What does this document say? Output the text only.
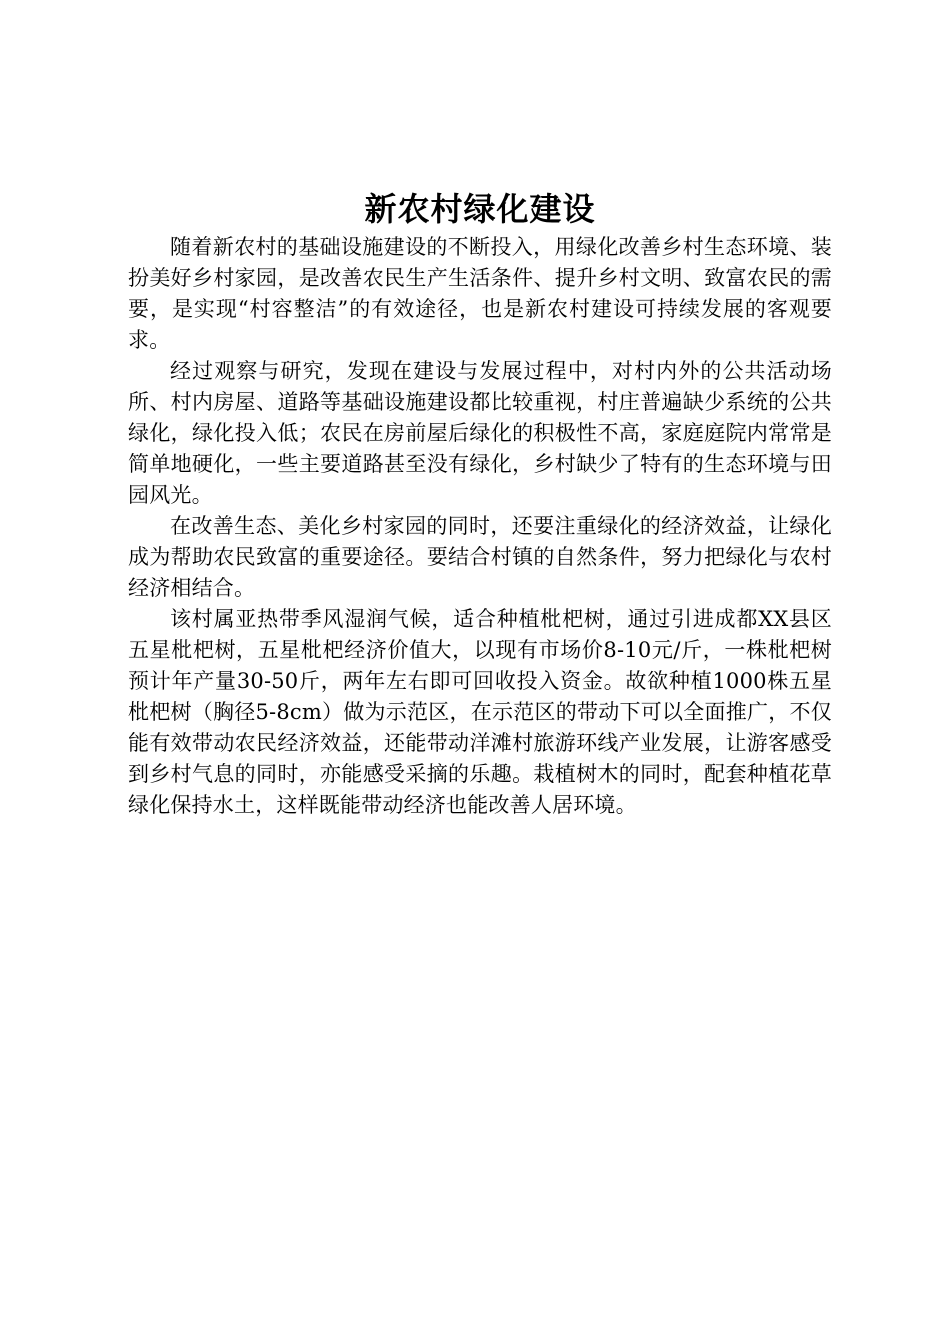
新农村绿化建设

随着新农村的基础设施建设的不断投入，用绿化改善乡村生态环境、装扮美好乡村家园，是改善农民生产生活条件、提升乡村文明、致富农民的需要，是实现“村容整洁”的有效途径，也是新农村建设可持续发展的客观要求。

经过观察与研究，发现在建设与发展过程中，对村内外的公共活动场所、村内房屋、道路等基础设施建设都比较重视，村庄普遍缺少系统的公共绿化，绿化投入低；农民在房前屋后绿化的积极性不高，家庭庭院内常常是简单地硬化，一些主要道路甚至没有绿化，乡村缺少了特有的生态环境与田园风光。

在改善生态、美化乡村家园的同时，还要注重绿化的经济效益，让绿化成为帮助农民致富的重要途径。要结合村镇的自然条件，努力把绿化与农村经济相结合。

该村属亚热带季风湿润气候，适合种植枇杷树，通过引进成都XX县区五星枇杷树，五星枇杷经济价值大，以现有市场价8-10元/斤，一株枇杷树预计年产量30-50斤，两年左右即可回收投入资金。故欲种植1000株五星枇杷树（胸径5-8cm）做为示范区，在示范区的带动下可以全面推广，不仅能有效带动农民经济效益，还能带动洋滩村旅游环线产业发展，让游客感受到乡村气息的同时，亦能感受采摘的乐趣。栽植树木的同时，配套种植花草绿化保持水土，这样既能带动经济也能改善人居环境。
